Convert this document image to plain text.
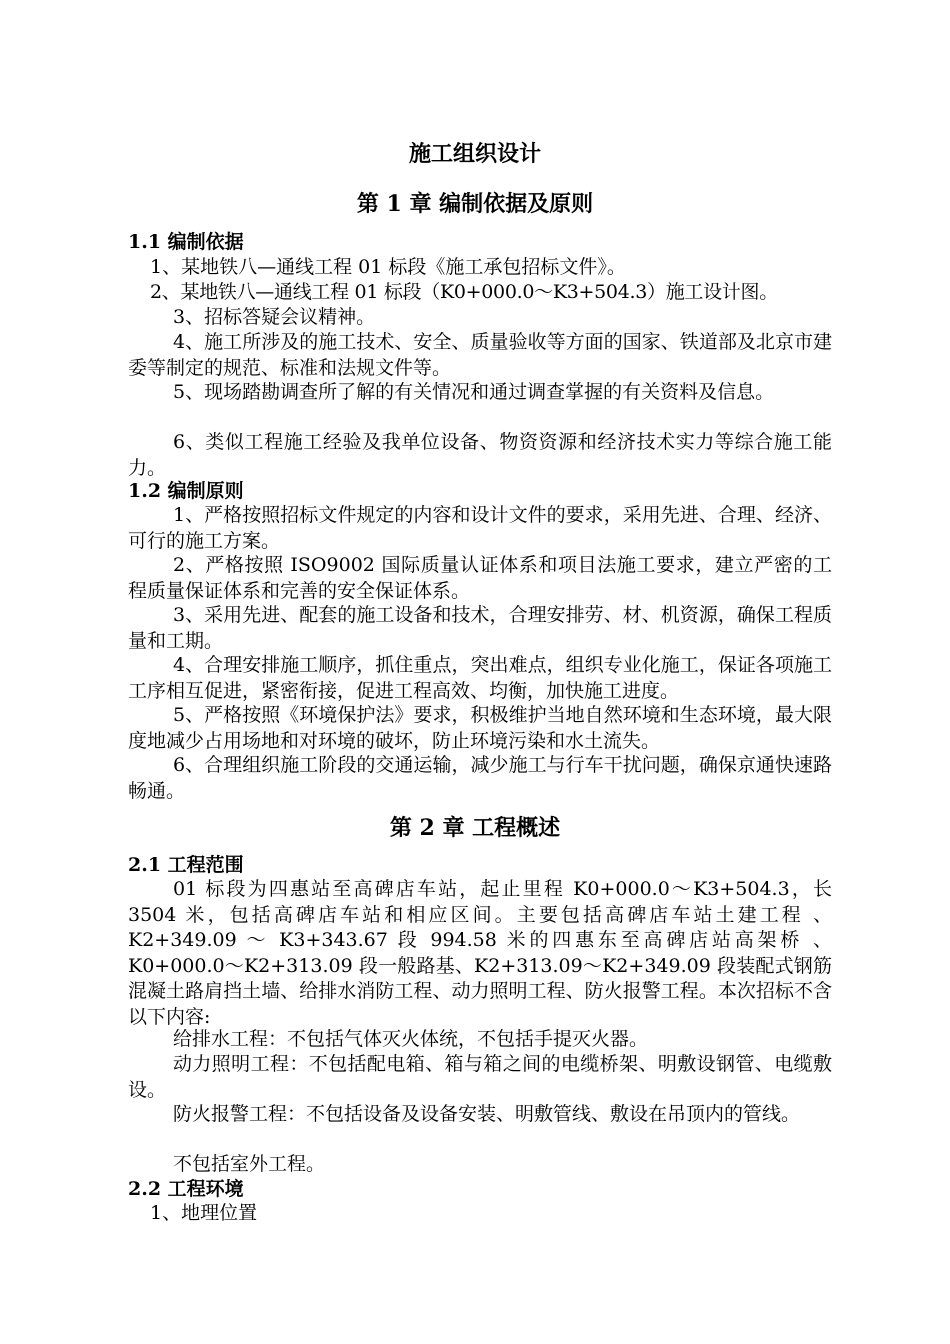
施工组织设计
第 1 章 编制依据及原则
1.1 编制依据
1、某地铁八—通线工程 01 标段《施工承包招标文件》。
2、某地铁八—通线工程 01 标段（K0+000.0～K3+504.3）施工设计图。
3、招标答疑会议精神。
4、施工所涉及的施工技术、安全、质量验收等方面的国家、铁道部及北京市建委等制定的规范、标准和法规文件等。
5、现场踏勘调查所了解的有关情况和通过调查掌握的有关资料及信息。
6、类似工程施工经验及我单位设备、物资资源和经济技术实力等综合施工能力。
1.2 编制原则
1、严格按照招标文件规定的内容和设计文件的要求，采用先进、合理、经济、可行的施工方案。
2、严格按照 ISO9002 国际质量认证体系和项目法施工要求，建立严密的工程质量保证体系和完善的安全保证体系。
3、采用先进、配套的施工设备和技术，合理安排劳、材、机资源，确保工程质量和工期。
4、合理安排施工顺序，抓住重点，突出难点，组织专业化施工，保证各项施工工序相互促进，紧密衔接，促进工程高效、均衡，加快施工进度。
5、严格按照《环境保护法》要求，积极维护当地自然环境和生态环境，最大限度地减少占用场地和对环境的破坏，防止环境污染和水土流失。
6、合理组织施工阶段的交通运输，减少施工与行车干扰问题，确保京通快速路畅通。
第 2 章 工程概述
2.1 工程范围
01 标段为四惠站至高碑店车站，起止里程 K0+000.0～K3+504.3，长 3504 米，包括高碑店车站和相应区间。主要包括高碑店车站土建工程 、K2+349.09 ～ K3+343.67 段 994.58 米的四惠东至高碑店站高架桥 、K0+000.0～K2+313.09 段一般路基、K2+313.09～K2+349.09 段装配式钢筋混凝土路肩挡土墙、给排水消防工程、动力照明工程、防火报警工程。本次招标不含以下内容:
给排水工程：不包括气体灭火体统，不包括手提灭火器。
动力照明工程：不包括配电箱、箱与箱之间的电缆桥架、明敷设钢管、电缆敷设。
防火报警工程：不包括设备及设备安装、明敷管线、敷设在吊顶内的管线。
不包括室外工程。
2.2 工程环境
1、地理位置
